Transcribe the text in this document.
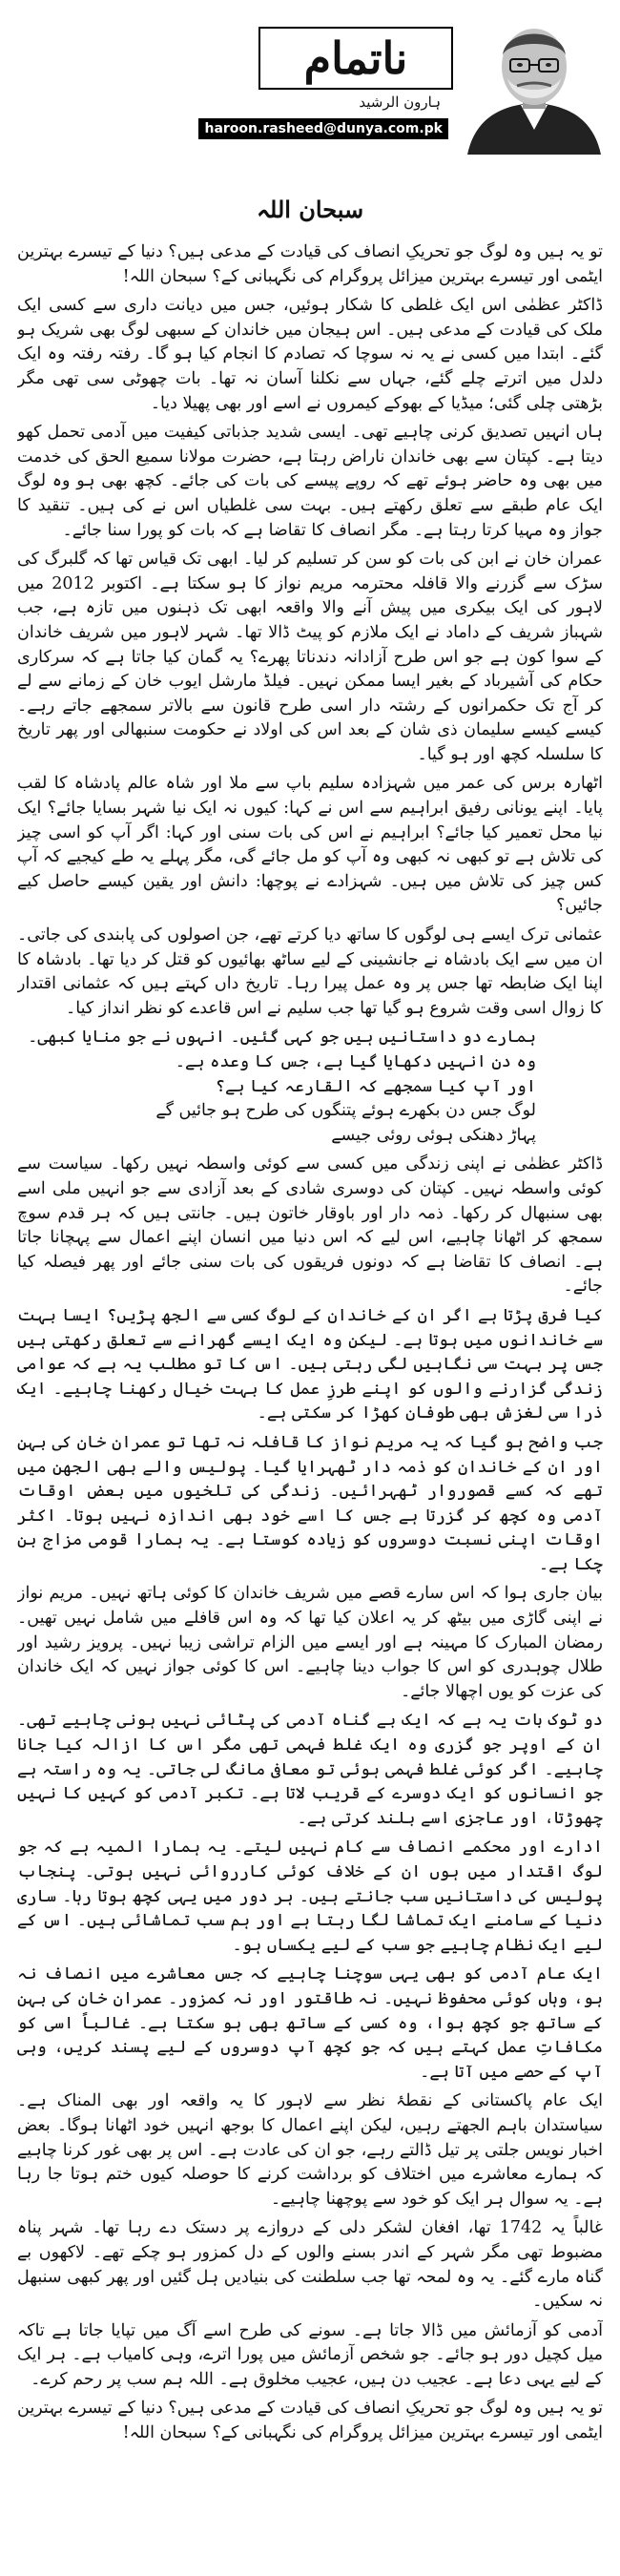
ناتمام
ہارون الرشید
haroon.rasheed@dunya.com.pk
سبحان اللہ

تو یہ ہیں وہ لوگ جو تحریکِ انصاف کی قیادت کے مدعی ہیں؟ دنیا کے تیسرے بہترین ایٹمی اور تیسرے بہترین میزائل پروگرام کی نگہبانی کے؟ سبحان اللہ!

ڈاکٹر عظمٰی اس ایک غلطی کا شکار ہوئیں، جس میں دیانت داری سے کسی ایک ملک کی قیادت کے مدعی ہیں۔ اس ہیجان میں خاندان کے سبھی لوگ بھی شریک ہو گئے۔ ابتدا میں کسی نے یہ نہ سوچا کہ تصادم کا انجام کیا ہو گا۔ رفتہ رفتہ وہ ایک دلدل میں اترتے چلے گئے، جہاں سے نکلنا آسان نہ تھا۔ بات چھوٹی سی تھی مگر بڑھتی چلی گئی؛ میڈیا کے بھوکے کیمروں نے اسے اور بھی پھیلا دیا۔

ہاں انہیں تصدیق کرنی چاہیے تھی۔ ایسی شدید جذباتی کیفیت میں آدمی تحمل کھو دیتا ہے۔ کپتان سے بھی خاندان ناراض رہتا ہے، حضرت مولانا سمیع الحق کی خدمت میں بھی وہ حاضر ہوئے تھے کہ روپے پیسے کی بات کی جائے۔ کچھ بھی ہو وہ لوگ ایک عام طبقے سے تعلق رکھتے ہیں۔ بہت سی غلطیاں اس نے کی ہیں۔ تنقید کا جواز وہ مہیا کرتا رہتا ہے۔ مگر انصاف کا تقاضا ہے کہ بات کو پورا سنا جائے۔

عمران خان نے ابن کی بات کو سن کر تسلیم کر لیا۔ ابھی تک قیاس تھا کہ گلبرگ کی سڑک سے گزرنے والا قافلہ محترمہ مریم نواز کا ہو سکتا ہے۔ اکتوبر 2012 میں لاہور کی ایک بیکری میں پیش آنے والا واقعہ ابھی تک ذہنوں میں تازہ ہے، جب شہباز شریف کے داماد نے ایک ملازم کو پیٹ ڈالا تھا۔ شہر لاہور میں شریف خاندان کے سوا کون ہے جو اس طرح آزادانہ دندناتا پھرے؟ یہ گمان کیا جاتا ہے کہ سرکاری حکام کی آشیرباد کے بغیر ایسا ممکن نہیں۔ فیلڈ مارشل ایوب خان کے زمانے سے لے کر آج تک حکمرانوں کے رشتہ دار اسی طرح قانون سے بالاتر سمجھے جاتے رہے۔ کیسے کیسے سلیمان ذی شان کے بعد اس کی اولاد نے حکومت سنبھالی اور پھر تاریخ کا سلسلہ کچھ اور ہو گیا۔

اٹھارہ برس کی عمر میں شہزادہ سلیم باپ سے ملا اور شاہ عالم پادشاہ کا لقب پایا۔ اپنے یونانی رفیق ابراہیم سے اس نے کہا: کیوں نہ ایک نیا شہر بسایا جائے؟ ایک نیا محل تعمیر کیا جائے؟ ابراہیم نے اس کی بات سنی اور کہا: اگر آپ کو اسی چیز کی تلاش ہے تو کبھی نہ کبھی وہ آپ کو مل جائے گی، مگر پہلے یہ طے کیجیے کہ آپ کس چیز کی تلاش میں ہیں۔ شہزادے نے پوچھا: دانش اور یقین کیسے حاصل کیے جائیں؟

عثمانی ترک ایسے ہی لوگوں کا ساتھ دیا کرتے تھے، جن اصولوں کی پابندی کی جاتی۔ ان میں سے ایک بادشاہ نے جانشینی کے لیے ساٹھ بھائیوں کو قتل کر دیا تھا۔ بادشاہ کا اپنا ایک ضابطہ تھا جس پر وہ عمل پیرا رہا۔ تاریخ داں کہتے ہیں کہ عثمانی اقتدار کا زوال اسی وقت شروع ہو گیا تھا جب سلیم نے اس قاعدے کو نظر انداز کیا۔

ہمارے دو داستانیں ہیں جو کہی گئیں۔ انہوں نے جو منایا کبھی۔ وہ دن انہیں دکھایا گیا ہے، جس کا وعدہ ہے۔

اور آپ کیا سمجھے کہ القارعہ کیا ہے؟

لوگ جس دن بکھرے ہوئے پتنگوں کی طرح ہو جائیں گے

پہاڑ دھنکی ہوئی روئی جیسے

ڈاکٹر عظمٰی نے اپنی زندگی میں کسی سے کوئی واسطہ نہیں رکھا۔ سیاست سے کوئی واسطہ نہیں۔ کپتان کی دوسری شادی کے بعد آزادی سے جو انہیں ملی اسے بھی سنبھال کر رکھا۔ ذمہ دار اور باوقار خاتون ہیں۔ جانتی ہیں کہ ہر قدم سوچ سمجھ کر اٹھانا چاہیے، اس لیے کہ اس دنیا میں انسان اپنے اعمال سے پہچانا جاتا ہے۔ انصاف کا تقاضا ہے کہ دونوں فریقوں کی بات سنی جائے اور پھر فیصلہ کیا جائے۔

کیا فرق پڑتا ہے اگر ان کے خاندان کے لوگ کسی سے الجھ پڑیں؟ ایسا بہت سے خاندانوں میں ہوتا ہے۔ لیکن وہ ایک ایسے گھرانے سے تعلق رکھتی ہیں جس پر بہت سی نگاہیں لگی رہتی ہیں۔ اس کا تو مطلب یہ ہے کہ عوامی زندگی گزارنے والوں کو اپنے طرزِ عمل کا بہت خیال رکھنا چاہیے۔ ایک ذرا سی لغزش بھی طوفان کھڑا کر سکتی ہے۔

جب واضح ہو گیا کہ یہ مریم نواز کا قافلہ نہ تھا تو عمران خان کی بہن اور ان کے خاندان کو ذمہ دار ٹھہرایا گیا۔ پولیس والے بھی الجھن میں تھے کہ کسے قصوروار ٹھہرائیں۔ زندگی کی تلخیوں میں بعض اوقات آدمی وہ کچھ کر گزرتا ہے جس کا اسے خود بھی اندازہ نہیں ہوتا۔ اکثر اوقات اپنی نسبت دوسروں کو زیادہ کوستا ہے۔ یہ ہمارا قومی مزاج بن چکا ہے۔

بیان جاری ہوا کہ اس سارے قصے میں شریف خاندان کا کوئی ہاتھ نہیں۔ مریم نواز نے اپنی گاڑی میں بیٹھ کر یہ اعلان کیا تھا کہ وہ اس قافلے میں شامل نہیں تھیں۔ رمضان المبارک کا مہینہ ہے اور ایسے میں الزام تراشی زیبا نہیں۔ پرویز رشید اور طلال چوہدری کو اس کا جواب دینا چاہیے۔ اس کا کوئی جواز نہیں کہ ایک خاندان کی عزت کو یوں اچھالا جائے۔

دو ٹوک بات یہ ہے کہ ایک بے گناہ آدمی کی پٹائی نہیں ہونی چاہیے تھی۔ ان کے اوپر جو گزری وہ ایک غلط فہمی تھی مگر اس کا ازالہ کیا جانا چاہیے۔ اگر کوئی غلط فہمی ہوئی تو معافی مانگ لی جاتی۔ یہ وہ راستہ ہے جو انسانوں کو ایک دوسرے کے قریب لاتا ہے۔ تکبر آدمی کو کہیں کا نہیں چھوڑتا، اور عاجزی اسے بلند کرتی ہے۔

ادارے اور محکمے انصاف سے کام نہیں لیتے۔ یہ ہمارا المیہ ہے کہ جو لوگ اقتدار میں ہوں ان کے خلاف کوئی کارروائی نہیں ہوتی۔ پنجاب پولیس کی داستانیں سب جانتے ہیں۔ ہر دور میں یہی کچھ ہوتا رہا۔ ساری دنیا کے سامنے ایک تماشا لگا رہتا ہے اور ہم سب تماشائی ہیں۔ اس کے لیے ایک نظام چاہیے جو سب کے لیے یکساں ہو۔

ایک عام آدمی کو بھی یہی سوچنا چاہیے کہ جس معاشرے میں انصاف نہ ہو، وہاں کوئی محفوظ نہیں۔ نہ طاقتور اور نہ کمزور۔ عمران خان کی بہن کے ساتھ جو کچھ ہوا، وہ کسی کے ساتھ بھی ہو سکتا ہے۔ غالباً اسی کو مکافاتِ عمل کہتے ہیں کہ جو کچھ آپ دوسروں کے لیے پسند کریں، وہی آپ کے حصے میں آتا ہے۔

ایک عام پاکستانی کے نقطۂ نظر سے لاہور کا یہ واقعہ اور بھی المناک ہے۔ سیاستدان باہم الجھتے رہیں، لیکن اپنے اعمال کا بوجھ انہیں خود اٹھانا ہوگا۔ بعض اخبار نویس جلتی پر تیل ڈالتے رہے، جو ان کی عادت ہے۔ اس پر بھی غور کرنا چاہیے کہ ہمارے معاشرے میں اختلاف کو برداشت کرنے کا حوصلہ کیوں ختم ہوتا جا رہا ہے۔ یہ سوال ہر ایک کو خود سے پوچھنا چاہیے۔

غالباً یہ 1742 تھا، افغان لشکر دلی کے دروازے پر دستک دے رہا تھا۔ شہر پناہ مضبوط تھی مگر شہر کے اندر بسنے والوں کے دل کمزور ہو چکے تھے۔ لاکھوں بے گناہ مارے گئے۔ یہ وہ لمحہ تھا جب سلطنت کی بنیادیں ہل گئیں اور پھر کبھی سنبھل نہ سکیں۔

آدمی کو آزمائش میں ڈالا جاتا ہے۔ سونے کی طرح اسے آگ میں تپایا جاتا ہے تاکہ میل کچیل دور ہو جائے۔ جو شخص آزمائش میں پورا اترے، وہی کامیاب ہے۔ ہر ایک کے لیے یہی دعا ہے۔ عجیب دن ہیں، عجیب مخلوق ہے۔ اللہ ہم سب پر رحم کرے۔

تو یہ ہیں وہ لوگ جو تحریکِ انصاف کی قیادت کے مدعی ہیں؟ دنیا کے تیسرے بہترین ایٹمی اور تیسرے بہترین میزائل پروگرام کی نگہبانی کے؟ سبحان اللہ!
